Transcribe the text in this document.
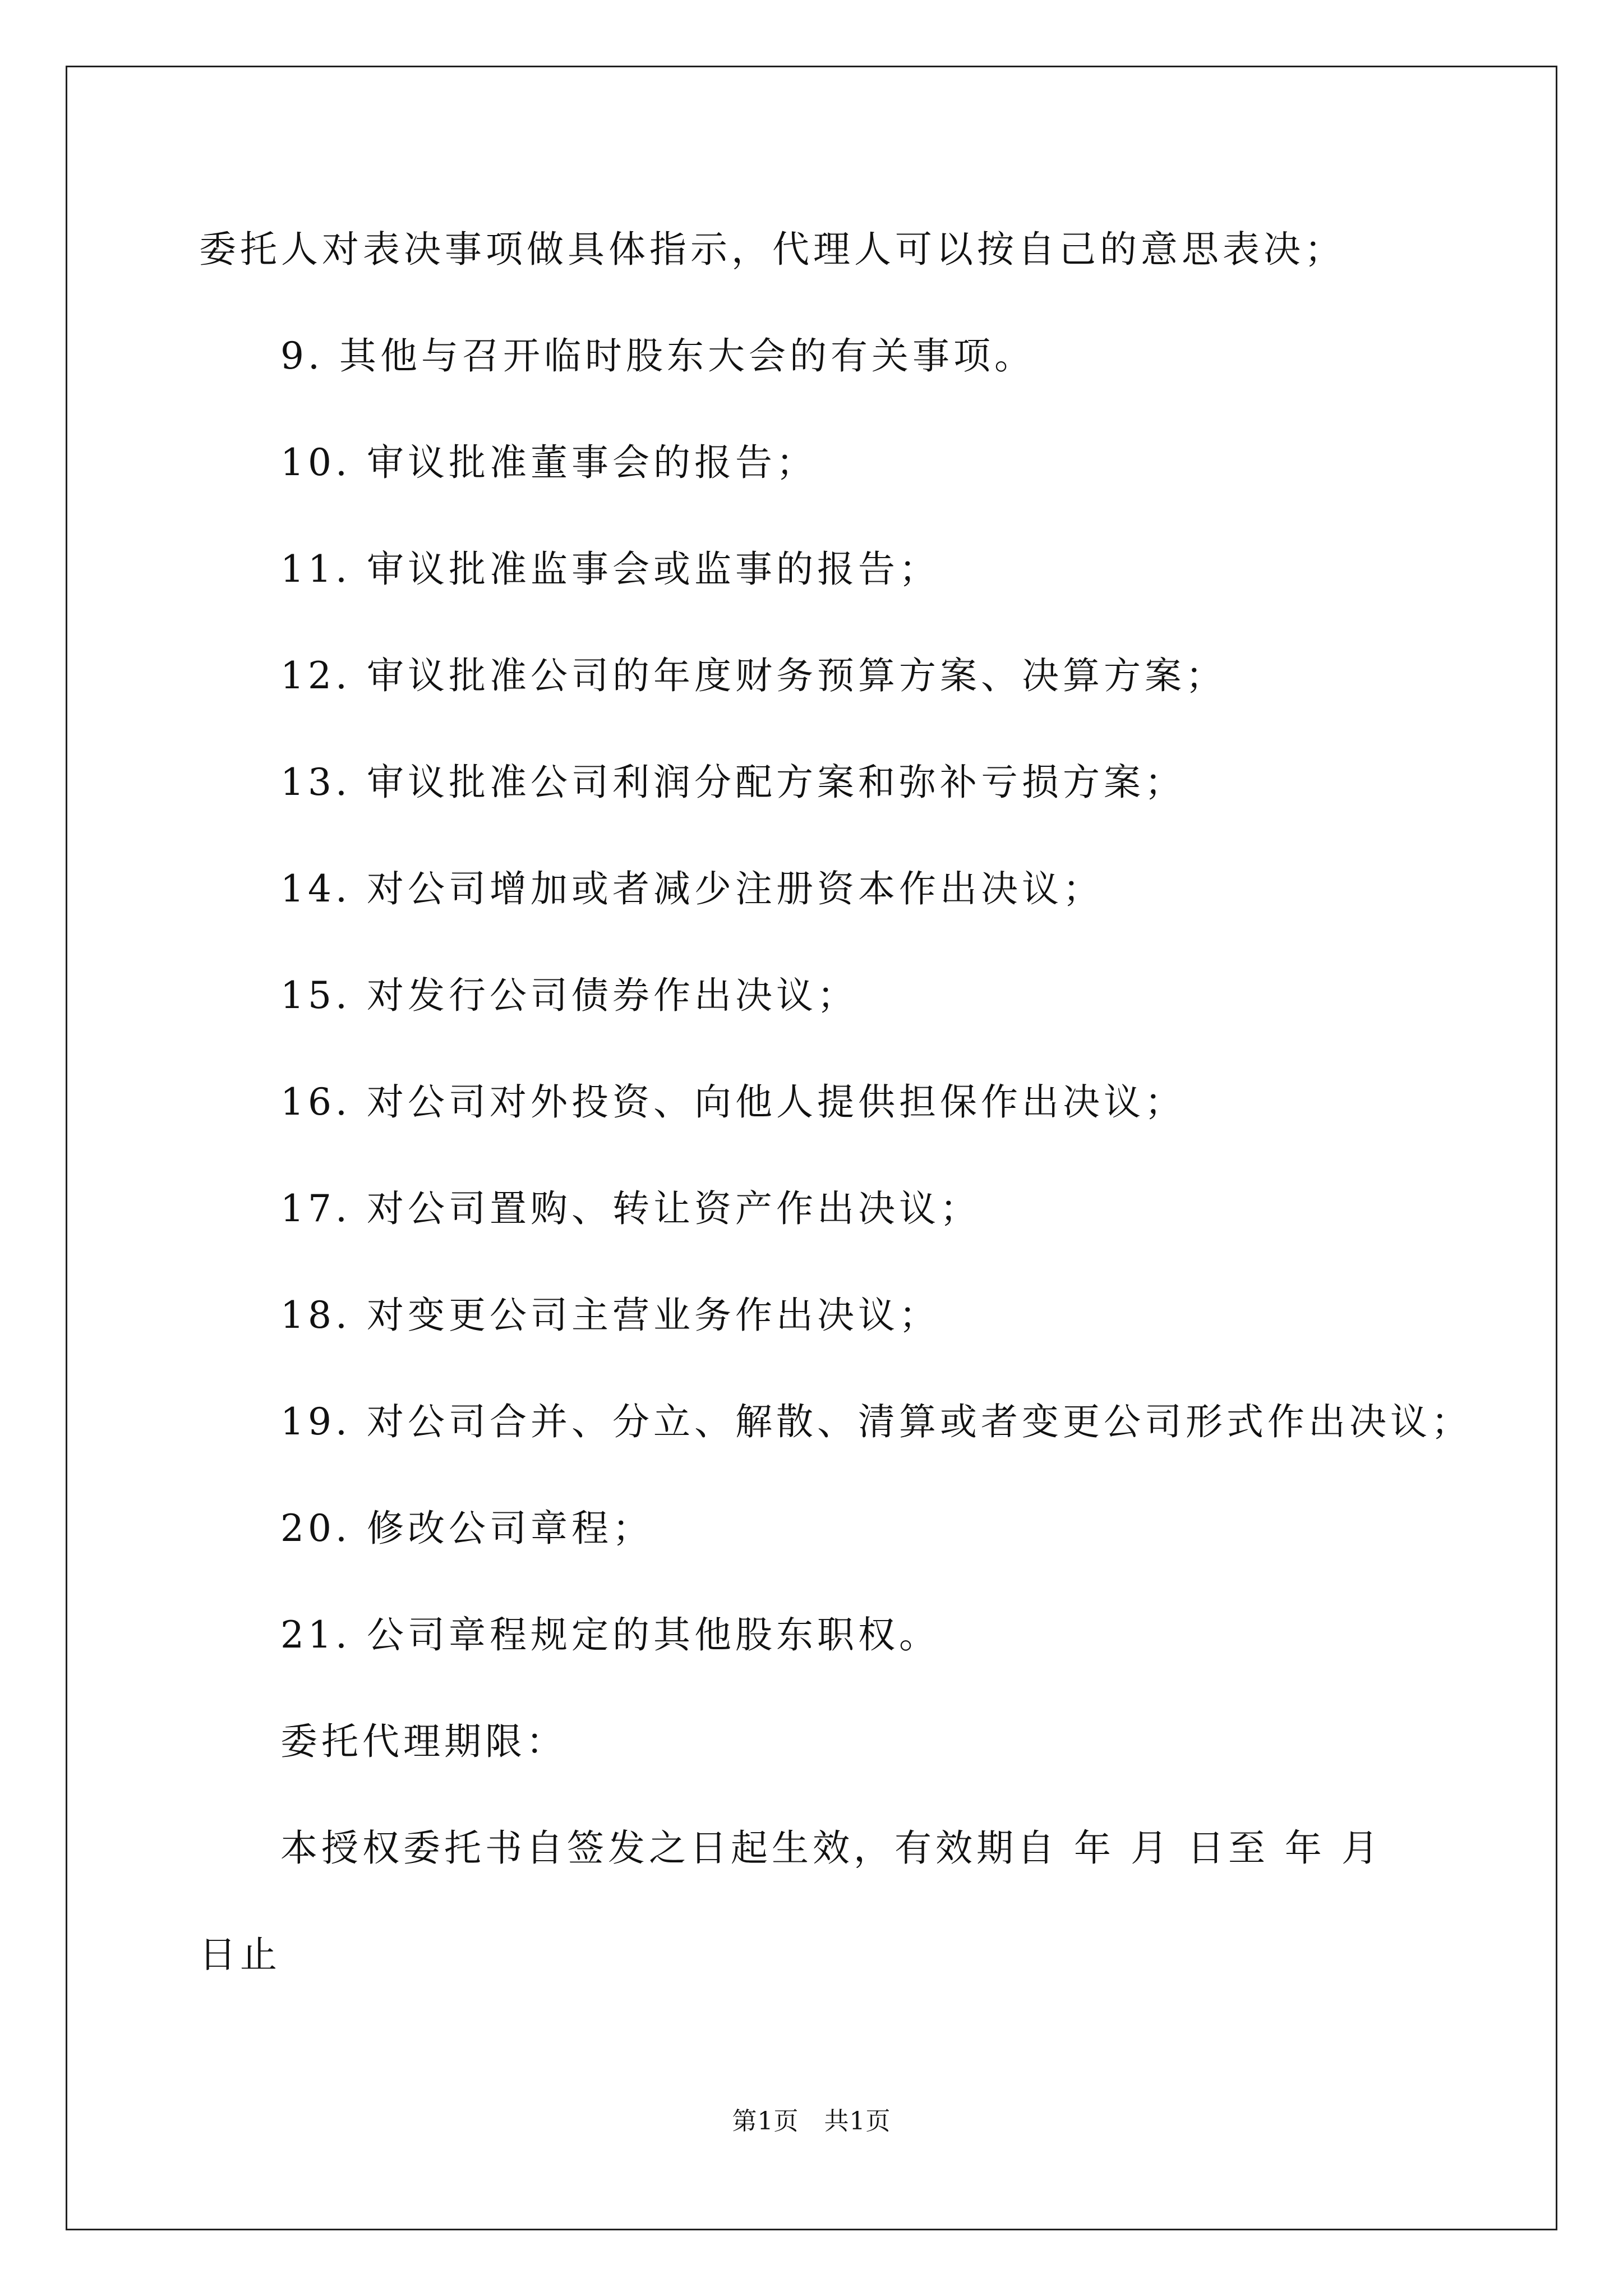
委托人对表决事项做具体指示，代理人可以按自己的意思表决；
9. 其他与召开临时股东大会的有关事项。
10. 审议批准董事会的报告；
11. 审议批准监事会或监事的报告；
12. 审议批准公司的年度财务预算方案、决算方案；
13. 审议批准公司利润分配方案和弥补亏损方案；
14. 对公司增加或者减少注册资本作出决议；
15. 对发行公司债券作出决议；
16. 对公司对外投资、向他人提供担保作出决议；
17. 对公司置购、转让资产作出决议；
18. 对变更公司主营业务作出决议；
19. 对公司合并、分立、解散、清算或者变更公司形式作出决议；
20. 修改公司章程；
21. 公司章程规定的其他股东职权。
委托代理期限：
本授权委托书自签发之日起生效，有效期自 年 月 日至 年 月
日止
第1页   共1页
